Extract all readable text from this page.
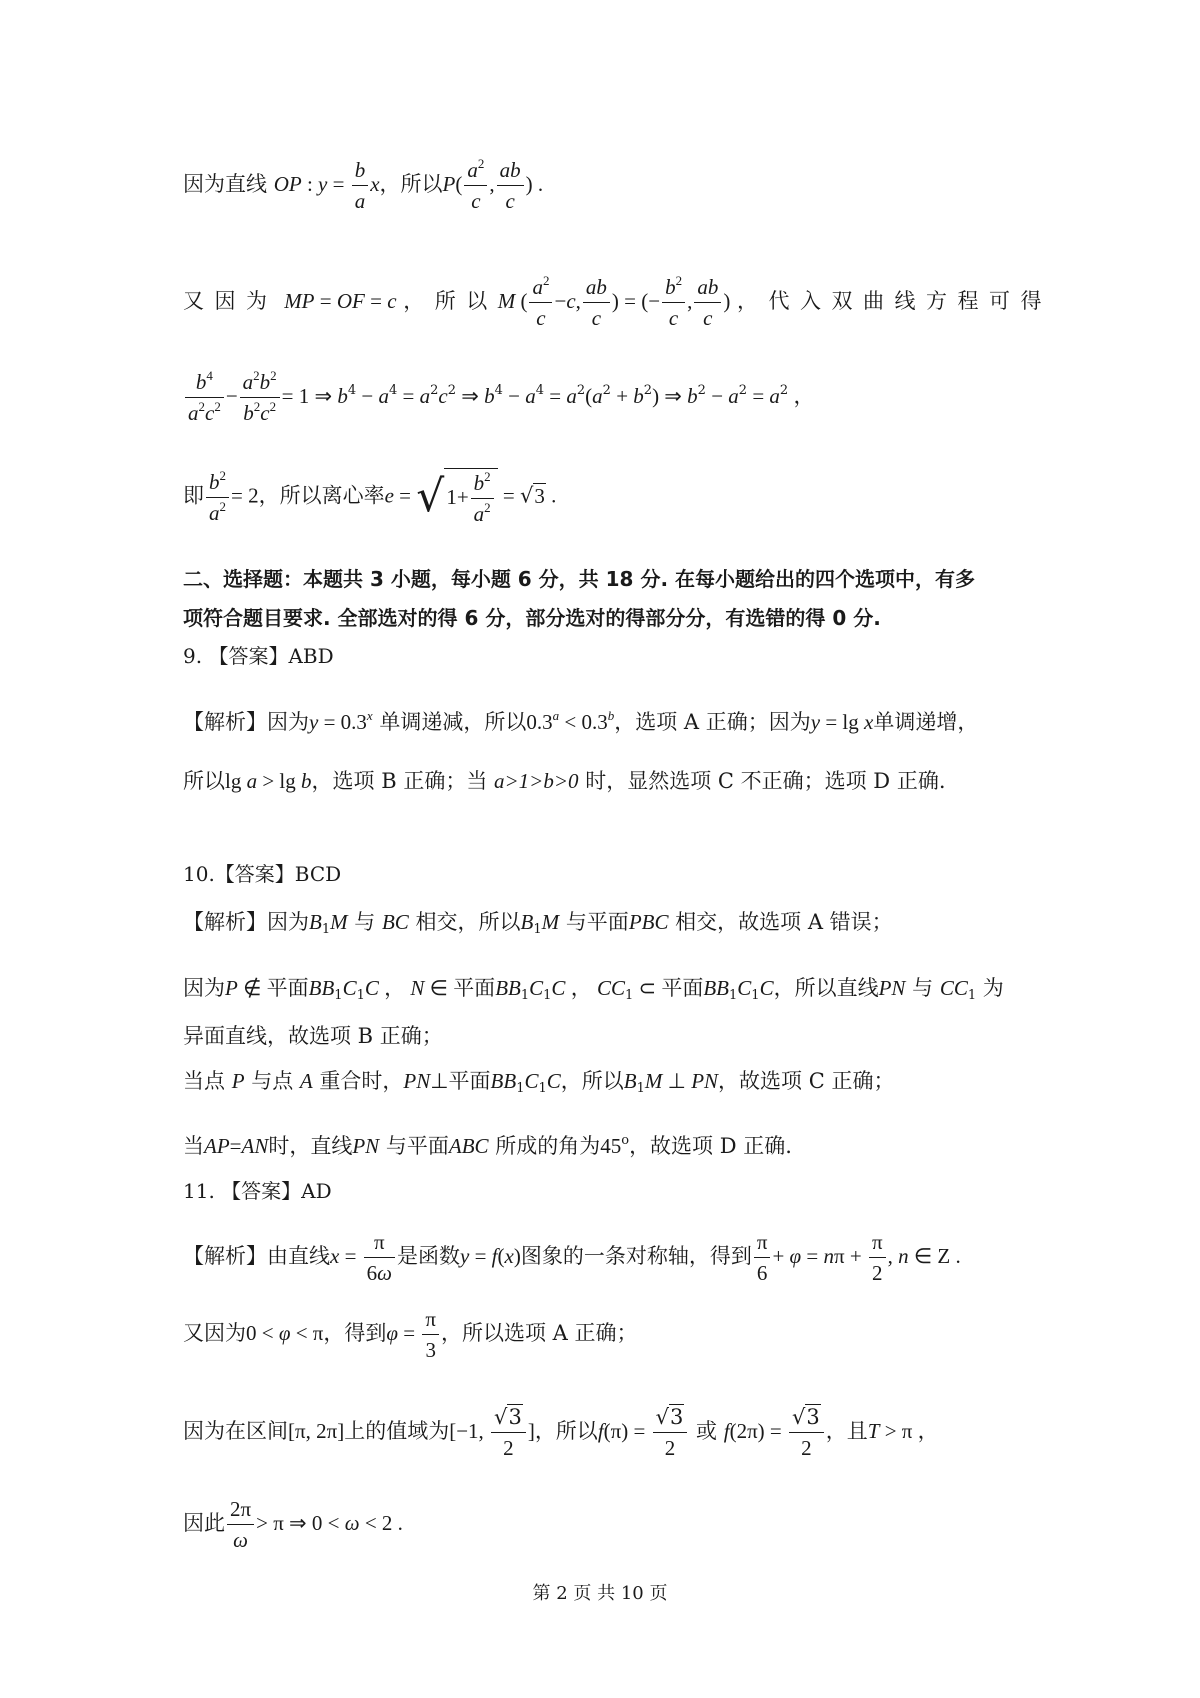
因为直线 OP : $y = \frac{b}{a}$ x，所以$P( \frac{a^2}{c}$ , $\frac{ab}{c}$ ) .
又因为 MP = OF = c ，所以M ( $\frac{a^2}{c} -c$, $\frac{ab}{c}$ ) = (− $\frac{b^2}{c}$ , $\frac{ab}{c}$ ) ，代入双曲线方程可得
$\frac{b^4}{a^2c^2} - \frac{a^2b^2}{b^2c^2} = 1$ ⇒ $b^4 - a^4 = a^2c^2$ ⇒ $b^4 - a^4 = a^2(a^2 + b^2)$ ⇒ $b^2 - a^2 = a^2$ ，
即 $\frac{b^2}{a^2} = 2$，所以离心率$e = √1+ \frac{b^2}{a^2} = √3$ .
二、选择题：本题共 3 小题，每小题 6 分，共 18 分. 在每小题给出的四个选项中，有多
项符合题目要求. 全部选对的得 6 分，部分选对的得部分分，有选错的得 0 分.
9. 【答案】ABD
【解析】因为$y = 0.3^x$ 单调递减，所以0.3$^a$ < 0.3$^b$，选项 A 正确；因为y = lg x单调递增，
所以lg a > lg b，选项 B 正确；当 a>1>b>0 时，显然选项 C 不正确；选项 D 正确.
10.【答案】BCD
【解析】因为$B_1M$ 与 BC 相交，所以$B_1M$ 与平面PBC 相交，故选项 A 错误；
因为P ∉ 平面$BB_1C_1C$ ， N ∈ 平面$BB_1C_1C$ ， $CC_1$ ⊂ 平面$BB_1C_1C$，所以直线PN 与 $CC_1$ 为
异面直线，故选项 B 正确；
当点 P 与点 A 重合时，PN⊥平面$BB_1C_1C$，所以$B_1M$ ⊥ PN，故选项 C 正确；
当AP=AN时，直线PN 与平面ABC 所成的角为45$^o$，故选项 D 正确.
11. 【答案】AD
【解析】由直线$x = \frac{\pi}{6\omega}$ 是函数y = f(x)图象的一条对称轴，得到 $\frac{\pi}{6} + \varphi = n\pi + \frac{\pi}{2}$ , n ∈ Z .
又因为0 < φ < π，得到$\varphi = \frac{\pi}{3}$ ，所以选项 A 正确；
因为在区间[π, 2π]上的值域为[−1, $\frac{√3}{2}$ ]，所以$f(\pi) = \frac{√3}{2}$ 或 $f(2\pi) = \frac{√3}{2}$ ，且T > π ，
因此 $\frac{2\pi}{\omega} > \pi$ ⇒ 0 < ω < 2 .
第 2 页 共 10 页
